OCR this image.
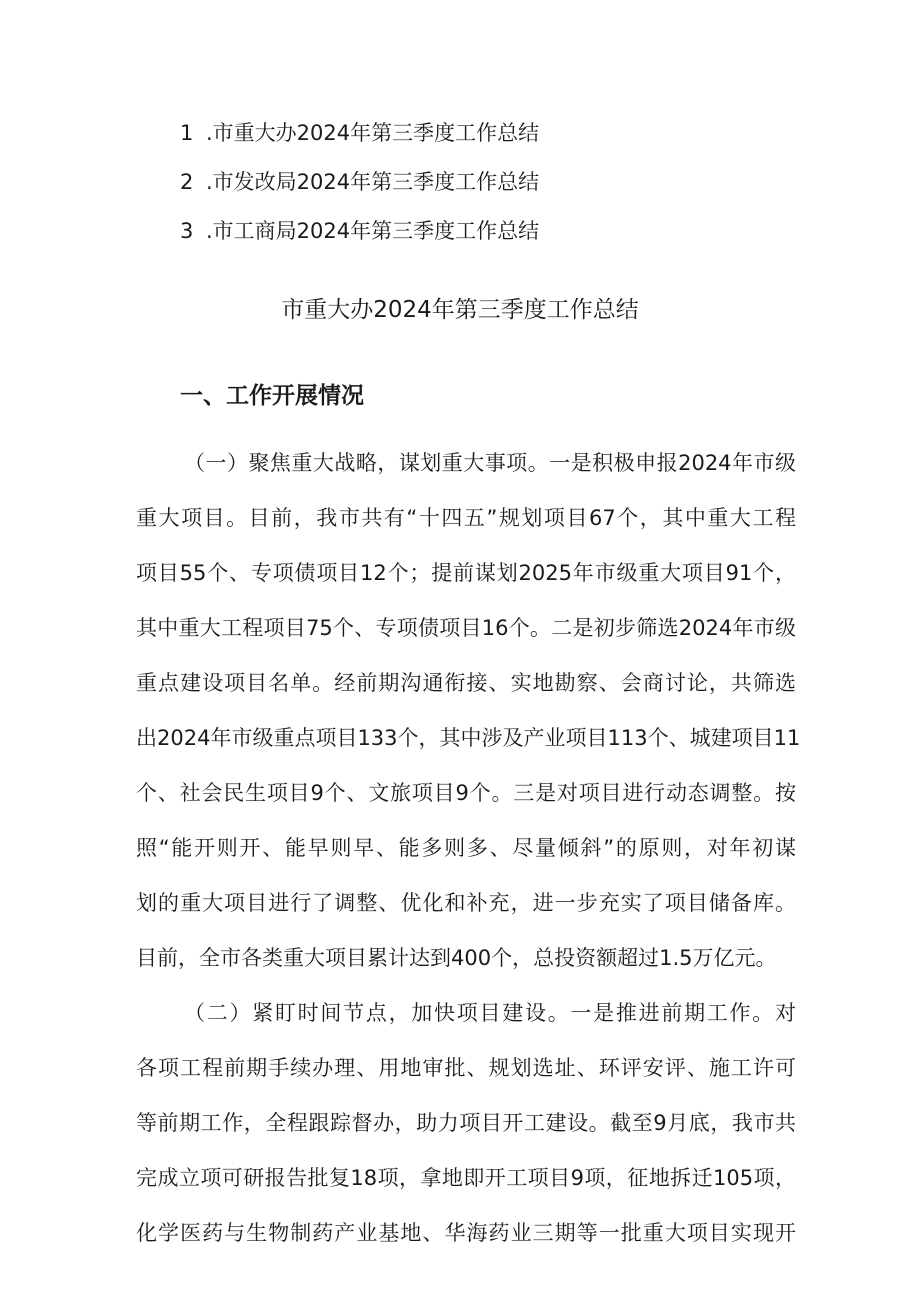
1 .市重大办2024年第三季度工作总结
2 .市发改局2024年第三季度工作总结
3 .市工商局2024年第三季度工作总结
市重大办2024年第三季度工作总结
一、工作开展情况
（一）聚焦重大战略，谋划重大事项。一是积极申报2024年市级
重大项目。目前，我市共有“十四五”规划项目67个，其中重大工程
项目55个、专项债项目12个；提前谋划2025年市级重大项目91个，
其中重大工程项目75个、专项债项目16个。二是初步筛选2024年市级
重点建设项目名单。经前期沟通衔接、实地勘察、会商讨论，共筛选
出2024年市级重点项目133个，其中涉及产业项目113个、城建项目11
个、社会民生项目9个、文旅项目9个。三是对项目进行动态调整。按
照“能开则开、能早则早、能多则多、尽量倾斜”的原则，对年初谋
划的重大项目进行了调整、优化和补充，进一步充实了项目储备库。
目前，全市各类重大项目累计达到400个，总投资额超过1.5万亿元。
（二）紧盯时间节点，加快项目建设。一是推进前期工作。对
各项工程前期手续办理、用地审批、规划选址、环评安评、施工许可
等前期工作，全程跟踪督办，助力项目开工建设。截至9月底，我市共
完成立项可研报告批复18项，拿地即开工项目9项，征地拆迁105项，
化学医药与生物制药产业基地、华海药业三期等一批重大项目实现开
